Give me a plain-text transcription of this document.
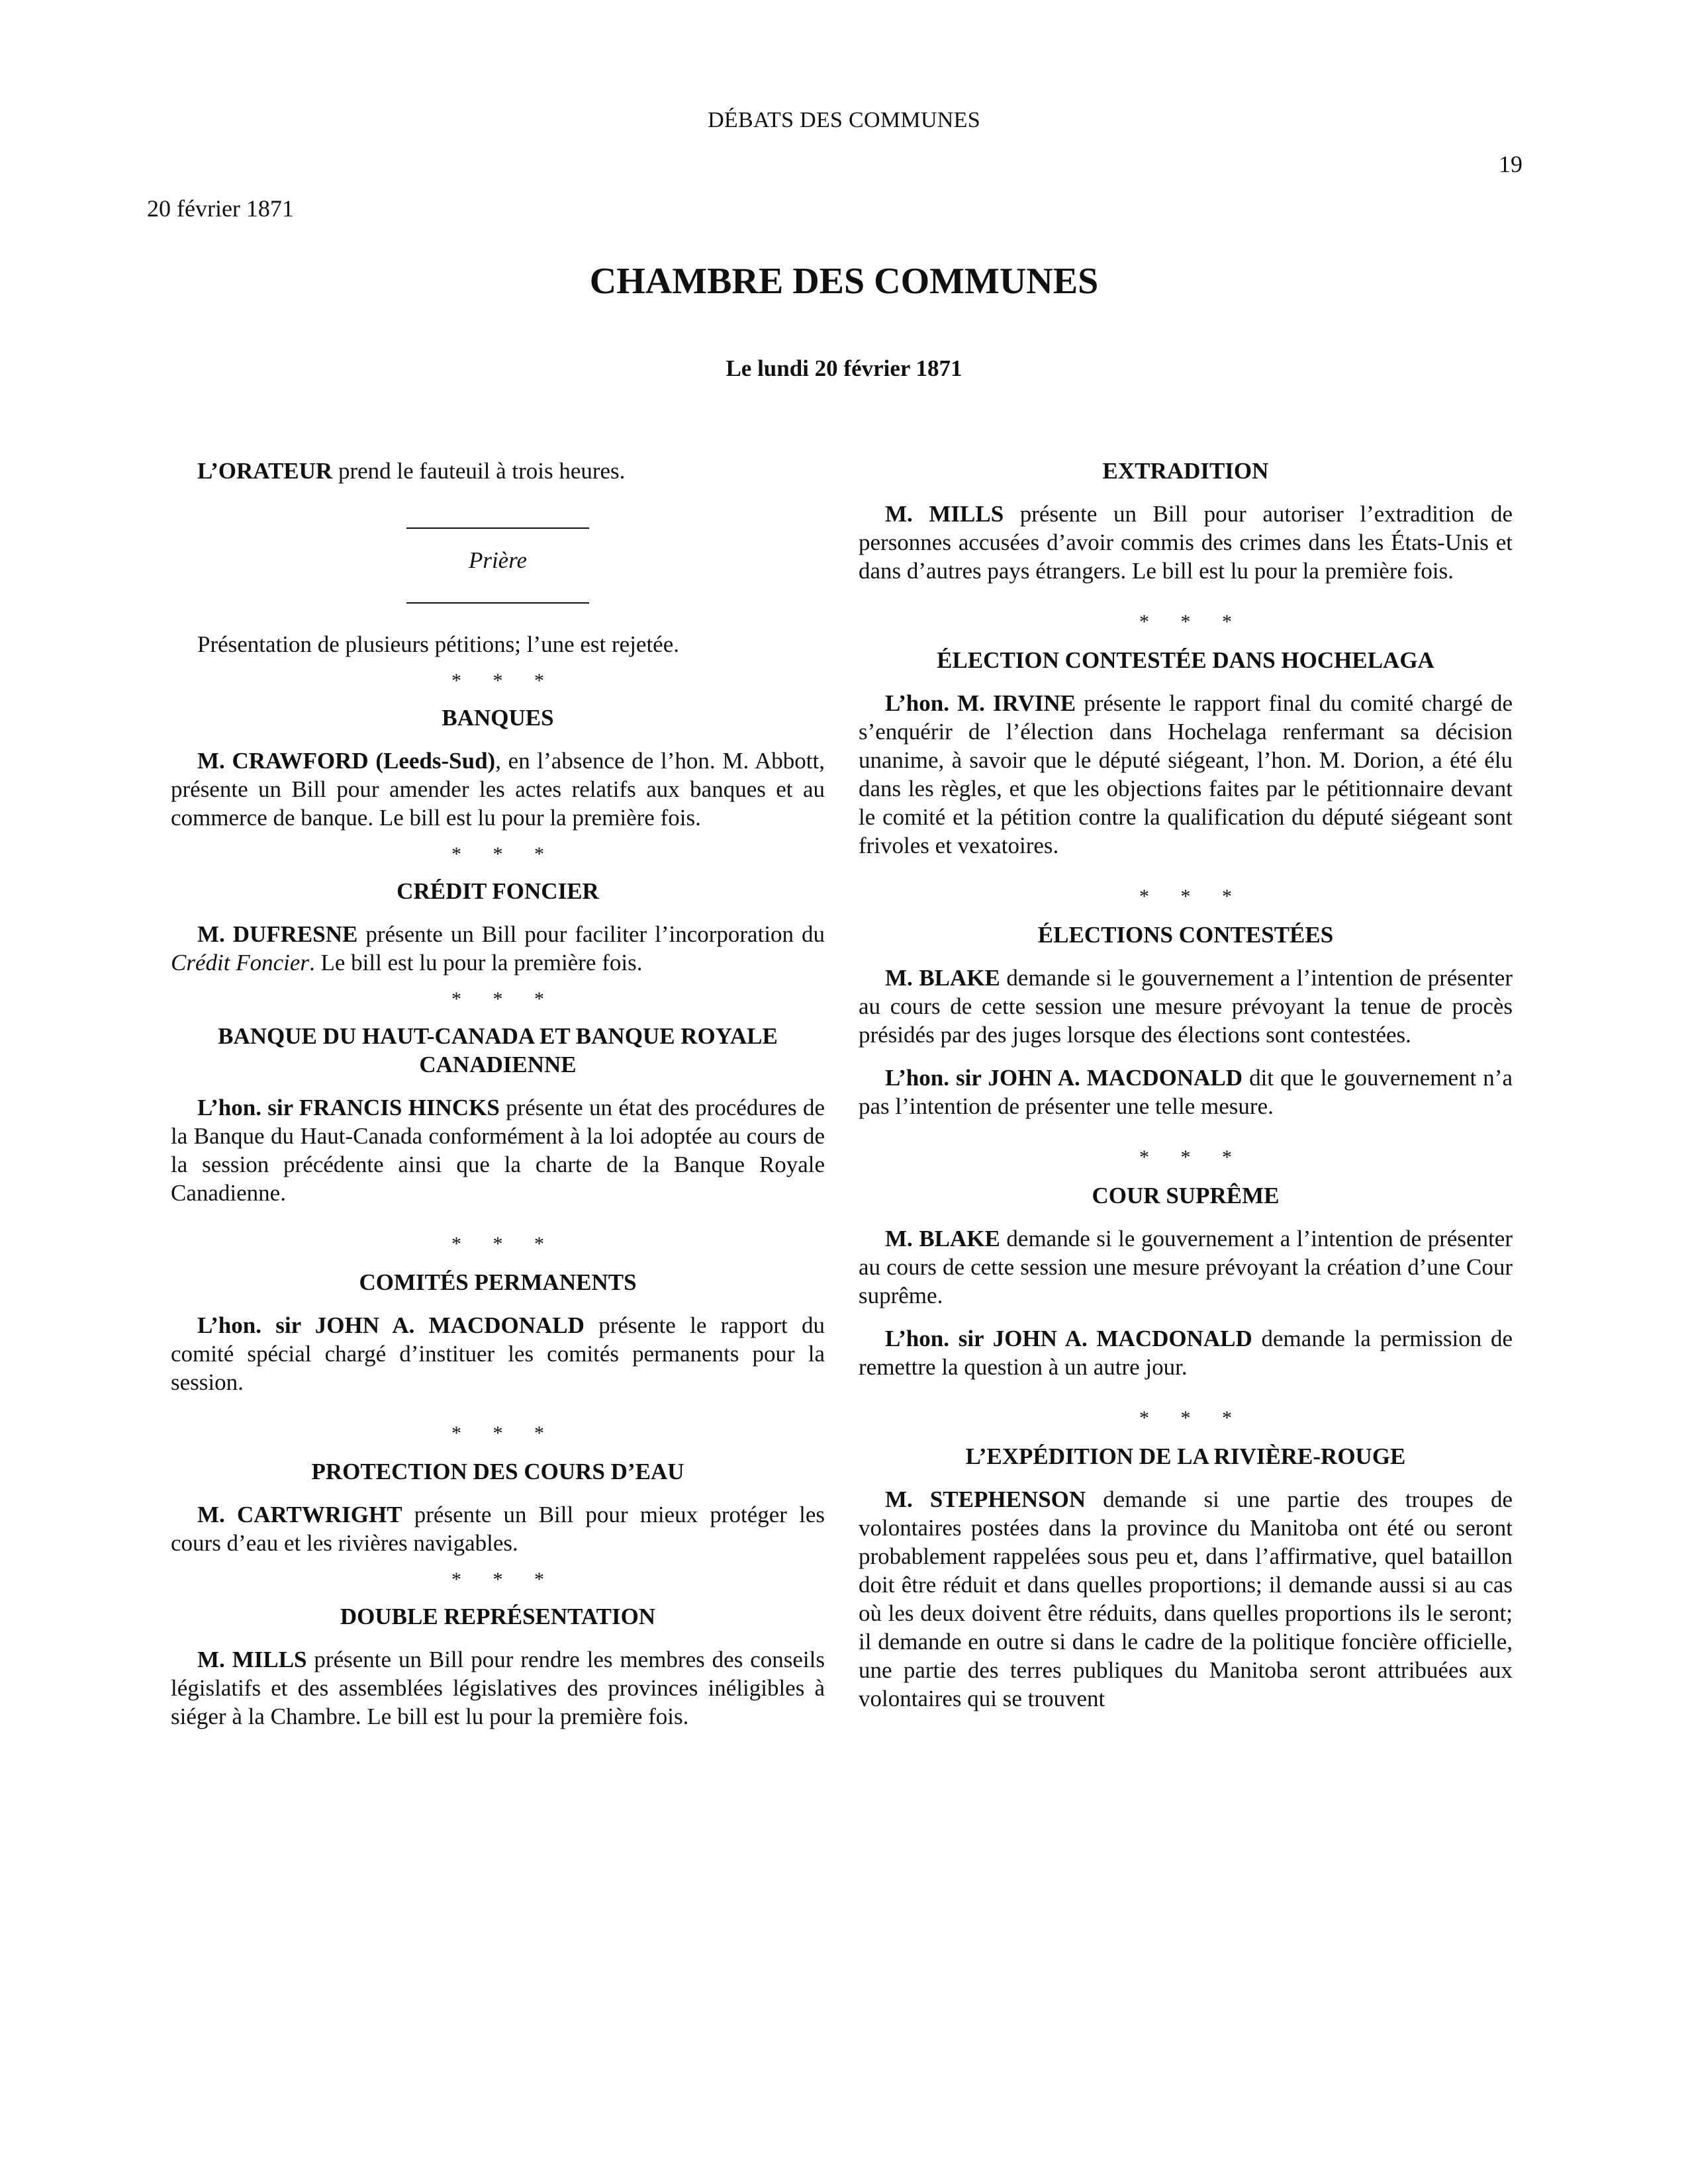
DÉBATS DES COMMUNES
19
20 février 1871
CHAMBRE DES COMMUNES
Le lundi 20 février 1871

L’ORATEUR prend le fauteuil à trois heures.

Prière

Présentation de plusieurs pétitions; l’une est rejetée.

* * *
BANQUES

M. CRAWFORD (Leeds-Sud), en l’absence de l’hon. M. Abbott, présente un Bill pour amender les actes relatifs aux banques et au commerce de banque. Le bill est lu pour la première fois.

* * *
CRÉDIT FONCIER

M. DUFRESNE présente un Bill pour faciliter l’incorporation du Crédit Foncier. Le bill est lu pour la première fois.

* * *
BANQUE DU HAUT-CANADA ET BANQUE ROYALE
CANADIENNE

L’hon. sir FRANCIS HINCKS présente un état des procédures de la Banque du Haut-Canada conformément à la loi adoptée au cours de la session précédente ainsi que la charte de la Banque Royale Canadienne.

* * *
COMITÉS PERMANENTS

L’hon. sir JOHN A. MACDONALD présente le rapport du comité spécial chargé d’instituer les comités permanents pour la session.

* * *
PROTECTION DES COURS D’EAU

M. CARTWRIGHT présente un Bill pour mieux protéger les cours d’eau et les rivières navigables.

* * *
DOUBLE REPRÉSENTATION

M. MILLS présente un Bill pour rendre les membres des conseils législatifs et des assemblées législatives des provinces inéligibles à siéger à la Chambre. Le bill est lu pour la première fois.

EXTRADITION

M. MILLS présente un Bill pour autoriser l’extradition de personnes accusées d’avoir commis des crimes dans les États-Unis et dans d’autres pays étrangers. Le bill est lu pour la première fois.

* * *
ÉLECTION CONTESTÉE DANS HOCHELAGA

L’hon. M. IRVINE présente le rapport final du comité chargé de s’enquérir de l’élection dans Hochelaga renfermant sa décision unanime, à savoir que le député siégeant, l’hon. M. Dorion, a été élu dans les règles, et que les objections faites par le pétitionnaire devant le comité et la pétition contre la qualification du député siégeant sont frivoles et vexatoires.

* * *
ÉLECTIONS CONTESTÉES

M. BLAKE demande si le gouvernement a l’intention de présenter au cours de cette session une mesure prévoyant la tenue de procès présidés par des juges lorsque des élections sont contestées.

L’hon. sir JOHN A. MACDONALD dit que le gouvernement n’a pas l’intention de présenter une telle mesure.

* * *
COUR SUPRÊME

M. BLAKE demande si le gouvernement a l’intention de présenter au cours de cette session une mesure prévoyant la création d’une Cour suprême.

L’hon. sir JOHN A. MACDONALD demande la permission de remettre la question à un autre jour.

* * *
L’EXPÉDITION DE LA RIVIÈRE-ROUGE

M. STEPHENSON demande si une partie des troupes de volontaires postées dans la province du Manitoba ont été ou seront probablement rappelées sous peu et, dans l’affirmative, quel bataillon doit être réduit et dans quelles proportions; il demande aussi si au cas où les deux doivent être réduits, dans quelles proportions ils le seront; il demande en outre si dans le cadre de la politique foncière officielle, une partie des terres publiques du Manitoba seront attribuées aux volontaires qui se trouvent
